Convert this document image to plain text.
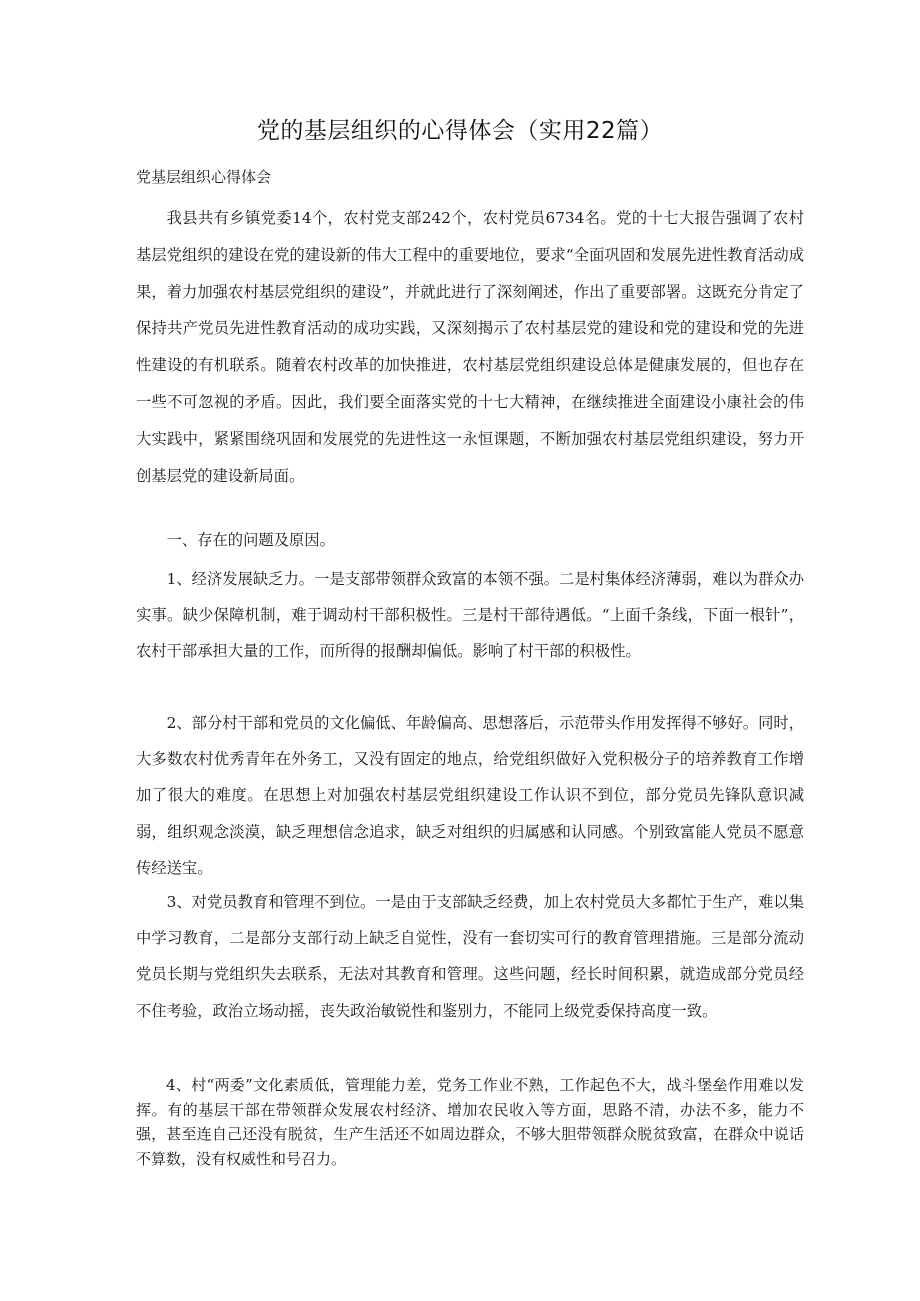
党的基层组织的心得体会（实用22篇）

党基层组织心得体会

我县共有乡镇党委14个，农村党支部242个，农村党员6734名。党的十七大报告强调了农村基层党组织的建设在党的建设新的伟大工程中的重要地位，要求“全面巩固和发展先进性教育活动成果，着力加强农村基层党组织的建设”，并就此进行了深刻阐述，作出了重要部署。这既充分肯定了保持共产党员先进性教育活动的成功实践，又深刻揭示了农村基层党的建设和党的建设和党的先进性建设的有机联系。随着农村改革的加快推进，农村基层党组织建设总体是健康发展的，但也存在一些不可忽视的矛盾。因此，我们要全面落实党的十七大精神，在继续推进全面建设小康社会的伟大实践中，紧紧围绕巩固和发展党的先进性这一永恒课题，不断加强农村基层党组织建设，努力开创基层党的建设新局面。

一、存在的问题及原因。

1、经济发展缺乏力。一是支部带领群众致富的本领不强。二是村集体经济薄弱，难以为群众办实事。缺少保障机制，难于调动村干部积极性。三是村干部待遇低。“上面千条线，下面一根针”，农村干部承担大量的工作，而所得的报酬却偏低。影响了村干部的积极性。

2、部分村干部和党员的文化偏低、年龄偏高、思想落后，示范带头作用发挥得不够好。同时，大多数农村优秀青年在外务工，又没有固定的地点，给党组织做好入党积极分子的培养教育工作增加了很大的难度。在思想上对加强农村基层党组织建设工作认识不到位，部分党员先锋队意识减弱，组织观念淡漠，缺乏理想信念追求，缺乏对组织的归属感和认同感。个别致富能人党员不愿意传经送宝。

3、对党员教育和管理不到位。一是由于支部缺乏经费，加上农村党员大多都忙于生产，难以集中学习教育，二是部分支部行动上缺乏自觉性，没有一套切实可行的教育管理措施。三是部分流动党员长期与党组织失去联系，无法对其教育和管理。这些问题，经长时间积累，就造成部分党员经不住考验，政治立场动摇，丧失政治敏锐性和鉴别力，不能同上级党委保持高度一致。

4、村“两委”文化素质低，管理能力差，党务工作业不熟，工作起色不大，战斗堡垒作用难以发挥。有的基层干部在带领群众发展农村经济、增加农民收入等方面，思路不清，办法不多，能力不强，甚至连自己还没有脱贫，生产生活还不如周边群众，不够大胆带领群众脱贫致富，在群众中说话不算数，没有权威性和号召力。
